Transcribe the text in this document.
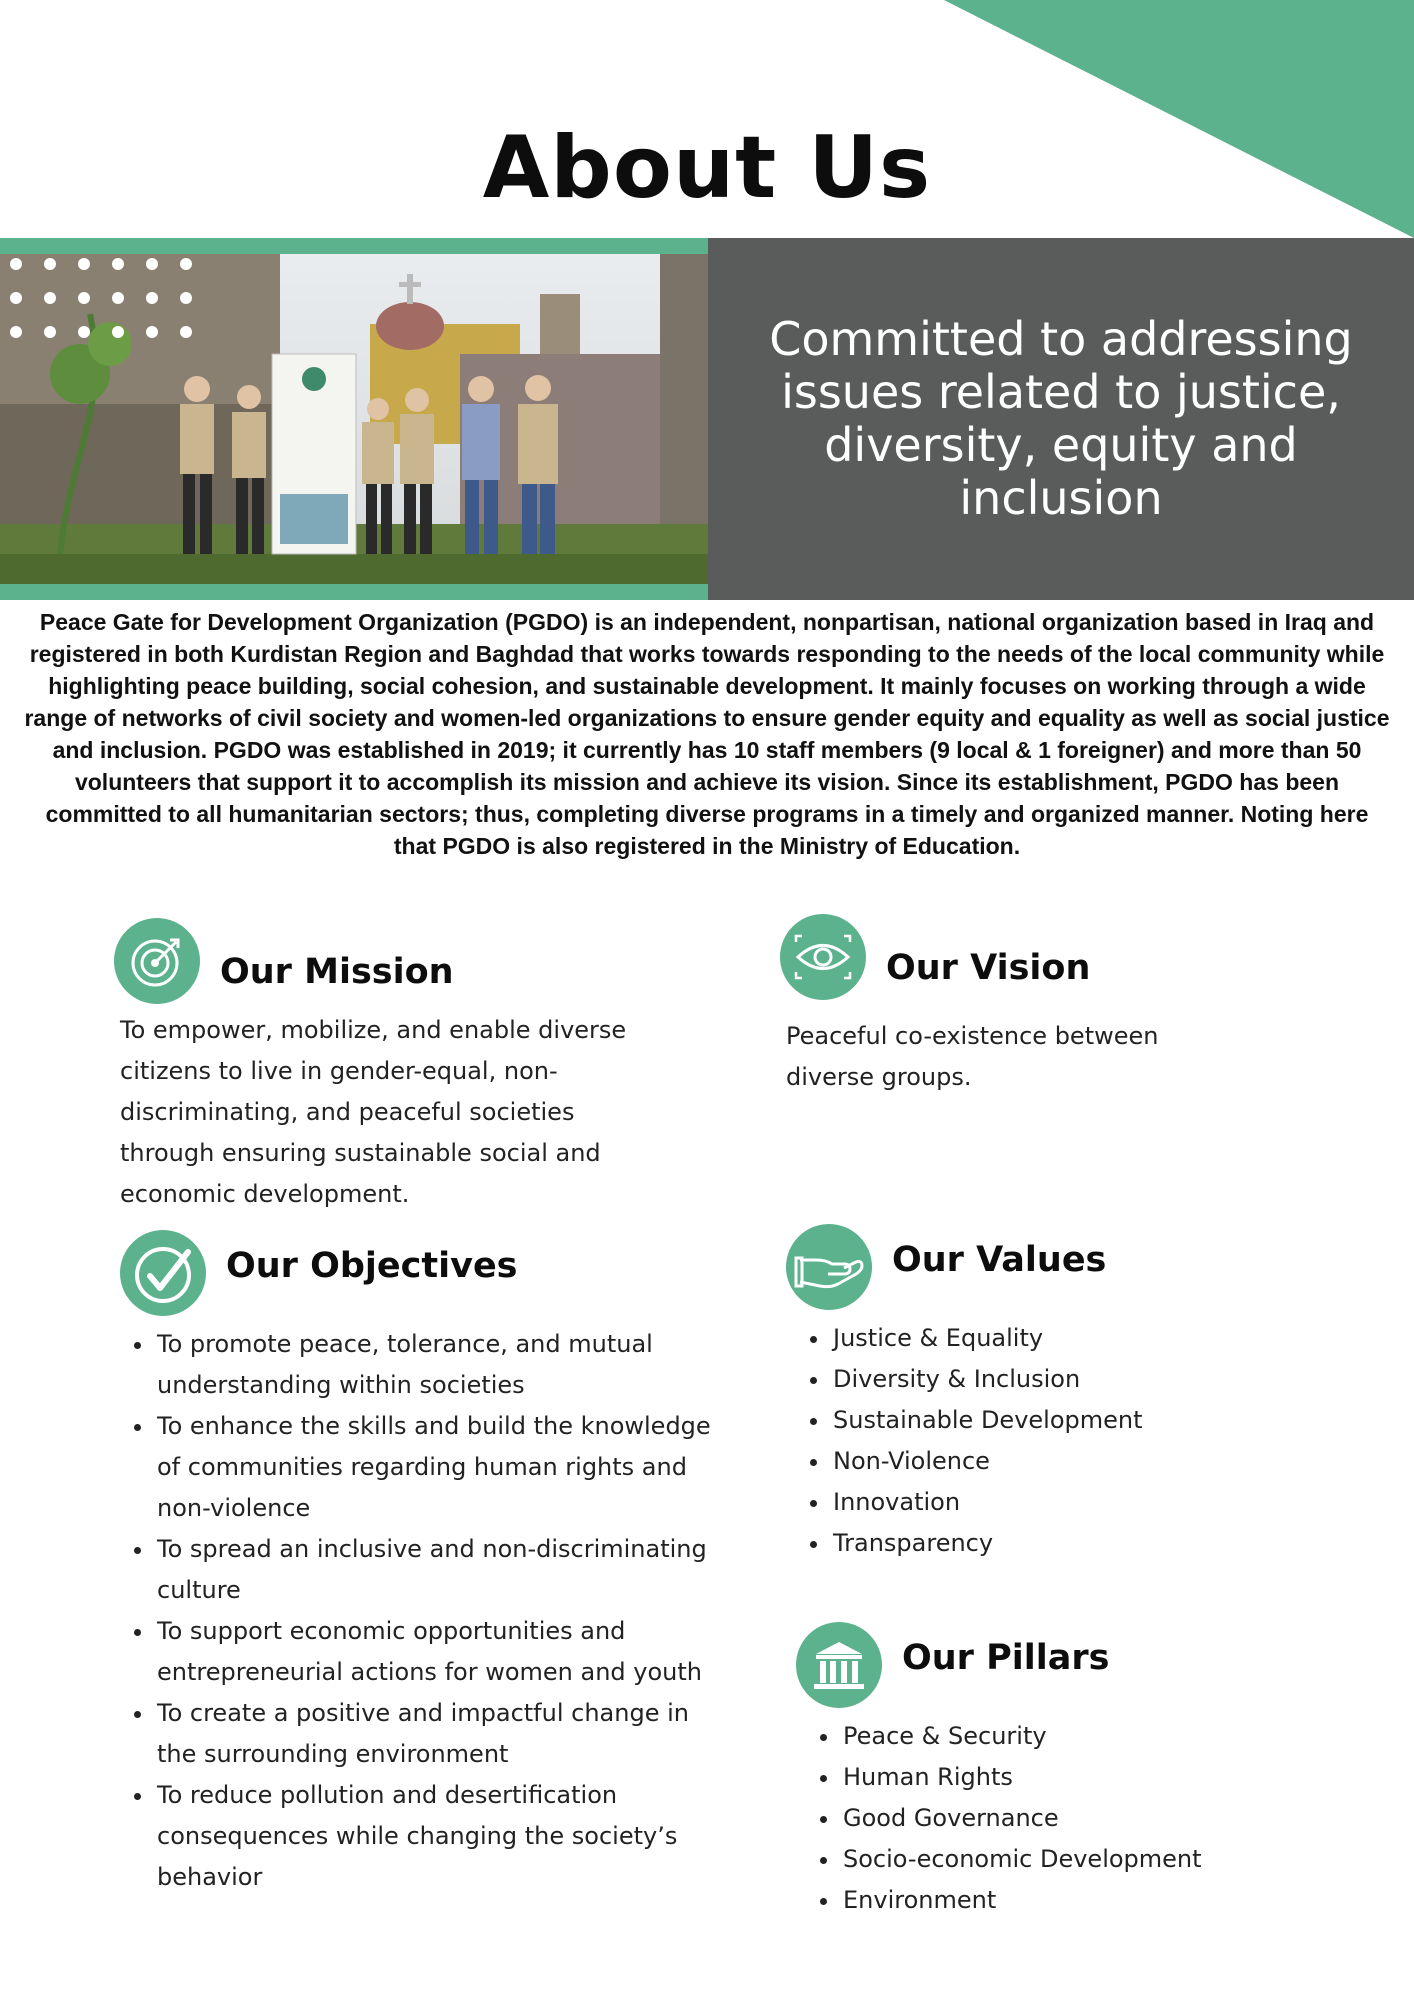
About Us
Committed to addressing issues related to justice, diversity, equity and inclusion

Peace Gate for Development Organization (PGDO) is an independent, nonpartisan, national organization based in Iraq and registered in both Kurdistan Region and Baghdad that works towards responding to the needs of the local community while highlighting peace building, social cohesion, and sustainable development. It mainly focuses on working through a wide range of networks of civil society and women-led organizations to ensure gender equity and equality as well as social justice and inclusion. PGDO was established in 2019; it currently has 10 staff members (9 local & 1 foreigner) and more than 50 volunteers that support it to accomplish its mission and achieve its vision. Since its establishment, PGDO has been committed to all humanitarian sectors; thus, completing diverse programs in a timely and organized manner. Noting here that PGDO is also registered in the Ministry of Education.

Our Mission

To empower, mobilize, and enable diverse citizens to live in gender-equal, non-discriminating, and peaceful societies through ensuring sustainable social and economic development.

Our Vision

Peaceful co-existence between diverse groups.

Our Objectives
• To promote peace, tolerance, and mutual understanding within societies
• To enhance the skills and build the knowledge of communities regarding human rights and non-violence
• To spread an inclusive and non-discriminating culture
• To support economic opportunities and entrepreneurial actions for women and youth
• To create a positive and impactful change in the surrounding environment
• To reduce pollution and desertification consequences while changing the society’s behavior
Our Values
• Justice & Equality
• Diversity & Inclusion
• Sustainable Development
• Non-Violence
• Innovation
• Transparency
Our Pillars
• Peace & Security
• Human Rights
• Good Governance
• Socio-economic Development
• Environment
